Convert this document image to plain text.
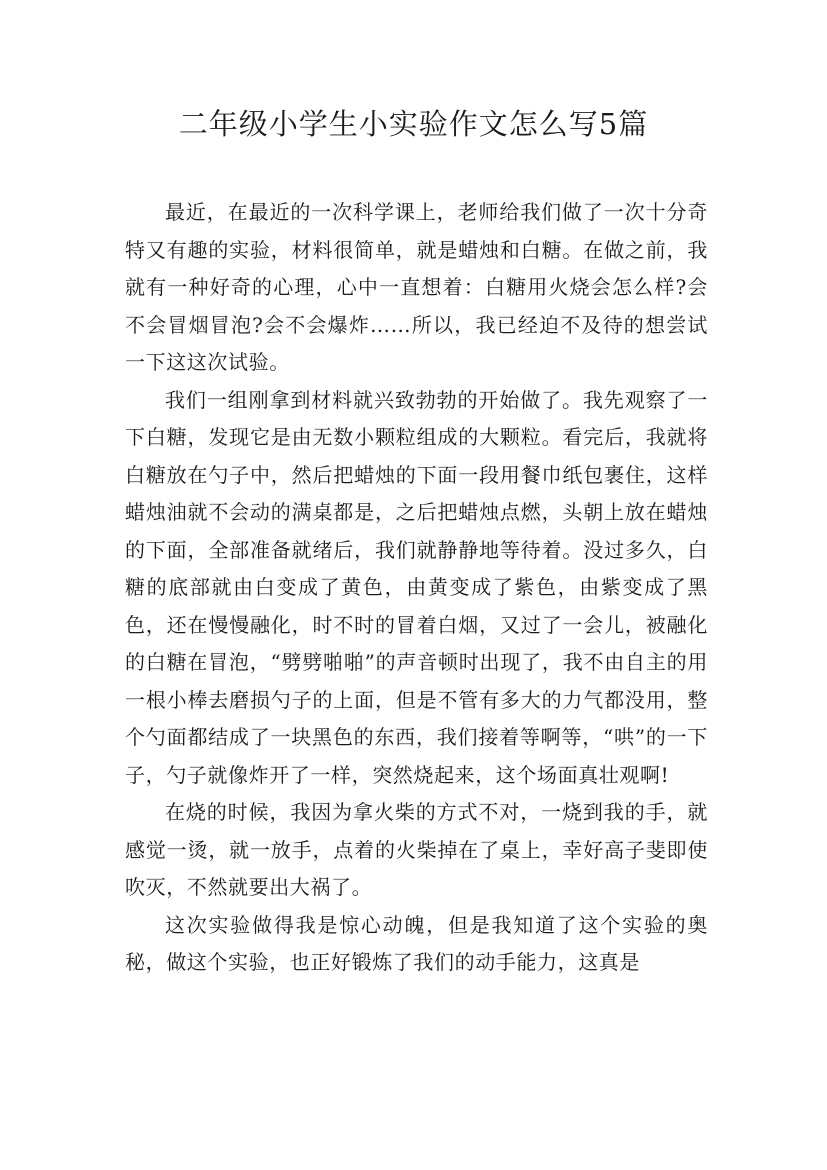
二年级小学生小实验作文怎么写5篇

最近，在最近的一次科学课上，老师给我们做了一次十分奇特又有趣的实验，材料很简单，就是蜡烛和白糖。在做之前，我就有一种好奇的心理，心中一直想着：白糖用火烧会怎么样?会不会冒烟冒泡?会不会爆炸……所以，我已经迫不及待的想尝试一下这这次试验。

我们一组刚拿到材料就兴致勃勃的开始做了。我先观察了一下白糖，发现它是由无数小颗粒组成的大颗粒。看完后，我就将白糖放在勺子中，然后把蜡烛的下面一段用餐巾纸包裹住，这样蜡烛油就不会动的满桌都是，之后把蜡烛点燃，头朝上放在蜡烛的下面，全部准备就绪后，我们就静静地等待着。没过多久，白糖的底部就由白变成了黄色，由黄变成了紫色，由紫变成了黑色，还在慢慢融化，时不时的冒着白烟，又过了一会儿，被融化的白糖在冒泡，“劈劈啪啪”的声音顿时出现了，我不由自主的用一根小棒去磨损勺子的上面，但是不管有多大的力气都没用，整个勺面都结成了一块黑色的东西，我们接着等啊等，“哄”的一下子，勺子就像炸开了一样，突然烧起来，这个场面真壮观啊!

在烧的时候，我因为拿火柴的方式不对，一烧到我的手，就感觉一烫，就一放手，点着的火柴掉在了桌上，幸好高子斐即使吹灭，不然就要出大祸了。

这次实验做得我是惊心动魄，但是我知道了这个实验的奥秘，做这个实验，也正好锻炼了我们的动手能力，这真是
